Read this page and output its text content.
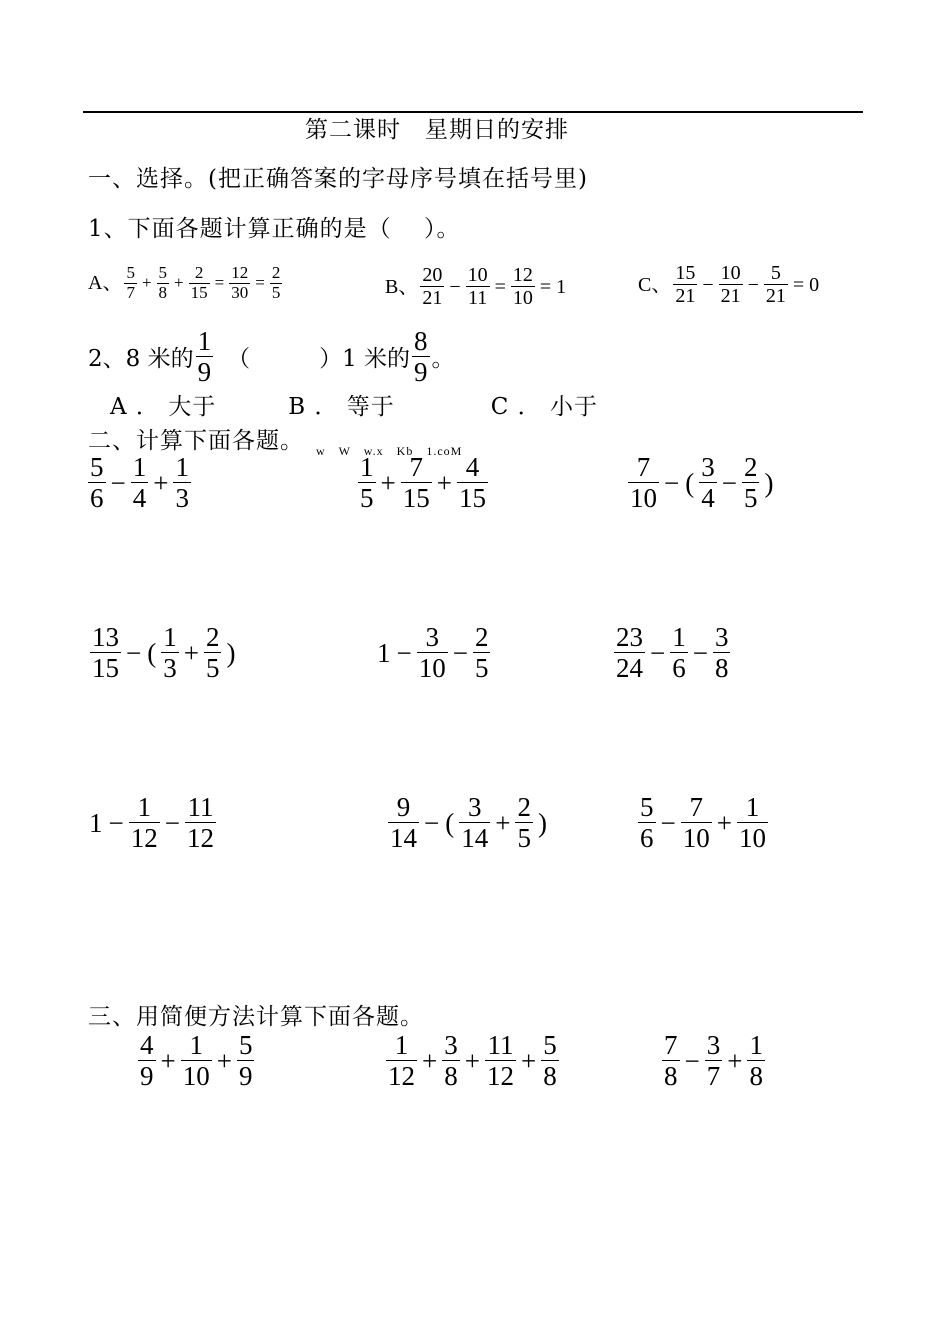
第二课时　星期日的安排
一、选择。(把正确答案的字母序号填在括号里)
1、下面各题计算正确的是（　 ）。
A、 $\frac{5}{7} + \frac{5}{8} + \frac{2}{15} = \frac{12}{30} = \frac{2}{5}$	B、 $\frac{20}{21} - \frac{10}{11} = \frac{12}{10} = 1$	C、 $\frac{15}{21} - \frac{10}{21} - \frac{5}{21} = 0$
2、8 米的 $\frac{1}{9}$ （　　　）1 米的 $\frac{8}{9}$ 。
A ． 大于　　　B ． 等于　　　　C ． 小于
二、计算下面各题。 w　W　w.x　Kb　1.coM
$\frac{5}{6} - \frac{1}{4} + \frac{1}{3}$	$\frac{1}{5} + \frac{7}{15} + \frac{4}{15}$	$\frac{7}{10}$ − ( $\frac{3}{4} - \frac{2}{5}$ )
$\frac{13}{15}$ − ( $\frac{1}{3} + \frac{2}{5}$ )	$1 - \frac{3}{10} - \frac{2}{5}$	$\frac{23}{24} - \frac{1}{6} - \frac{3}{8}$
$1 - \frac{1}{12} - \frac{11}{12}$	$\frac{9}{14}$ − ( $\frac{3}{14} + \frac{2}{5}$ )	$\frac{5}{6} - \frac{7}{10} + \frac{1}{10}$
三、用简便方法计算下面各题。
$\frac{4}{9} + \frac{1}{10} + \frac{5}{9}$	$\frac{1}{12} + \frac{3}{8} + \frac{11}{12} + \frac{5}{8}$	$\frac{7}{8} - \frac{3}{7} + \frac{1}{8}$
